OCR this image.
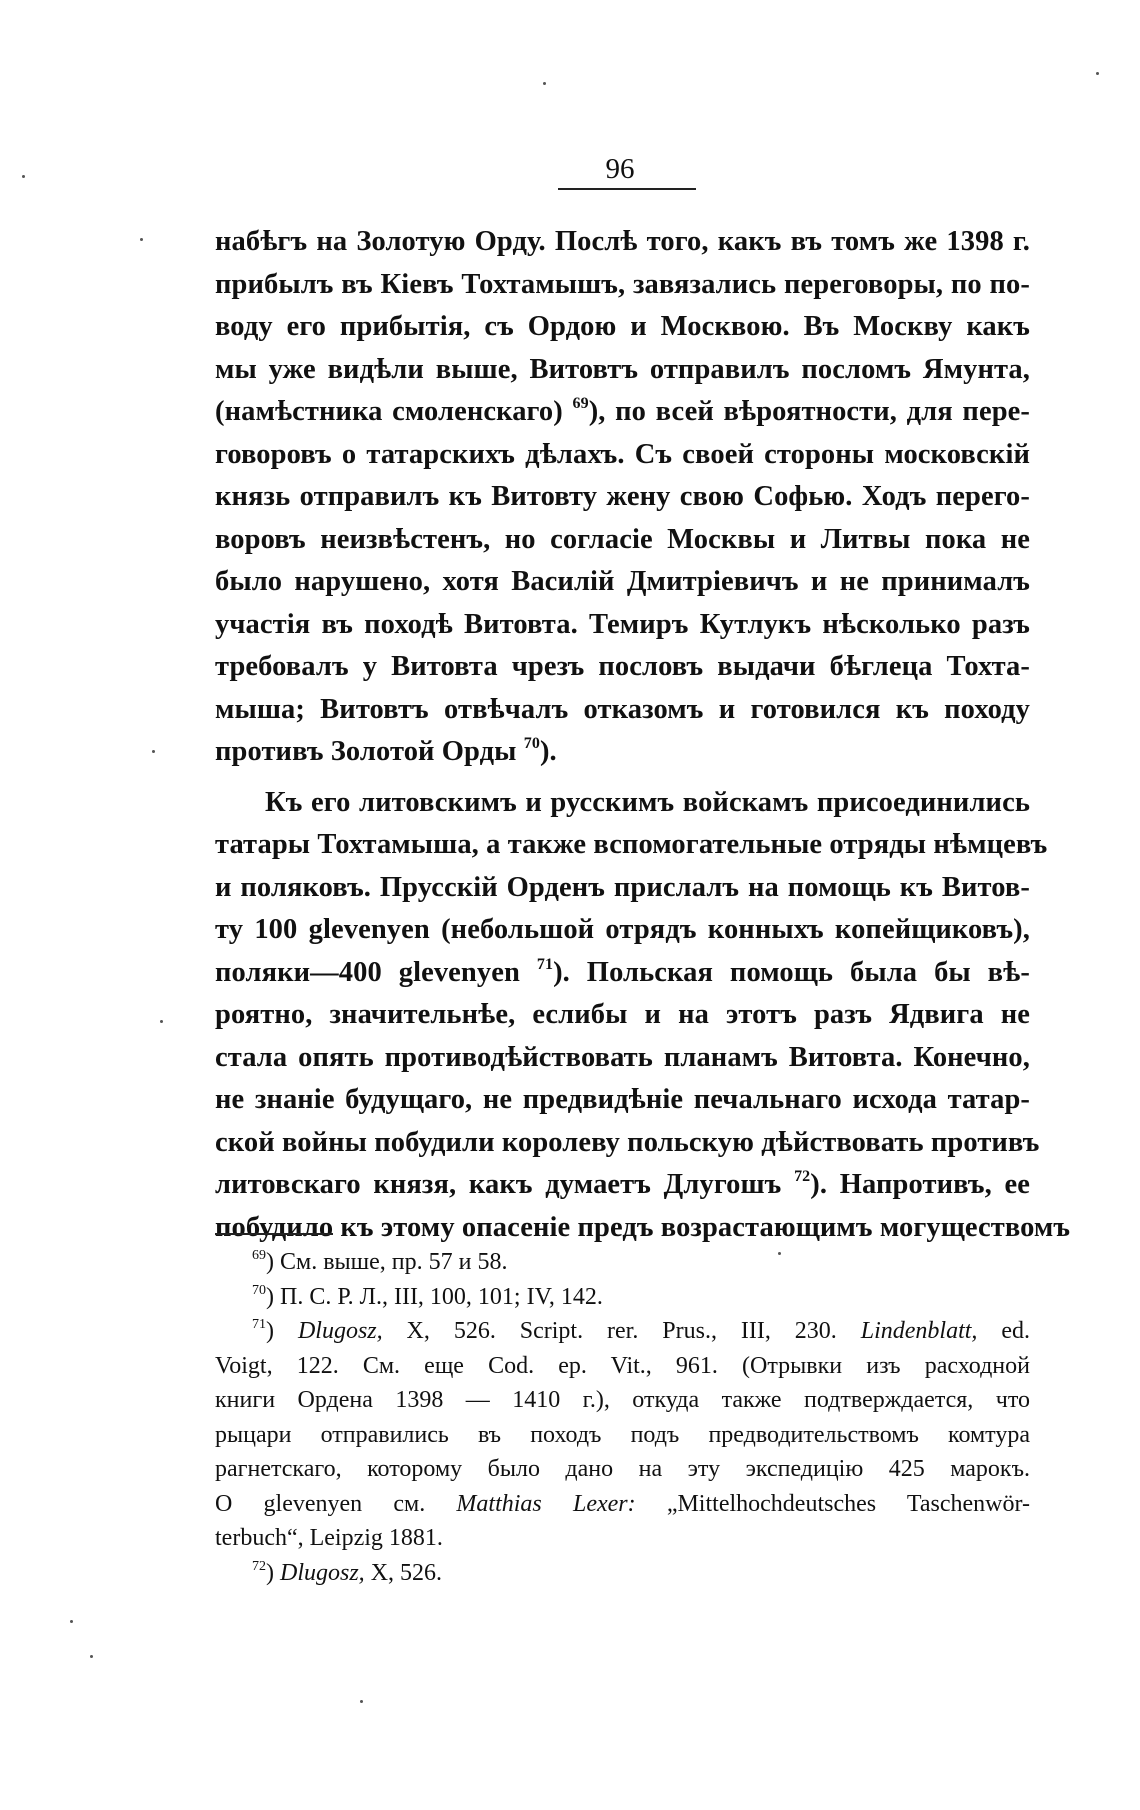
96
набѣгъ на Золотую Орду. Послѣ того, какъ въ томъ же 1398 г.
прибылъ въ Кіевъ Тохтамышъ, завязались переговоры, по по-
воду его прибытія, съ Ордою и Москвою. Въ Москву какъ
мы уже видѣли выше, Витовтъ отправилъ посломъ Ямунта,
(намѣстника смоленскаго) $^{69}$), по всей вѣроятности, для пере-
говоровъ о татарскихъ дѣлахъ. Съ своей стороны московскій
князь отправилъ къ Витовту жену свою Софью. Ходъ перего-
воровъ неизвѣстенъ, но согласіе Москвы и Литвы пока не
было нарушено, хотя Василій Дмитріевичъ и не принималъ
участія въ походѣ Витовта. Темиръ Кутлукъ нѣсколько разъ
требовалъ у Витовта чрезъ пословъ выдачи бѣглеца Тохта-
мыша; Витовтъ отвѣчалъ отказомъ и готовился къ походу
противъ Золотой Орды $^{70}$).
Къ его литовскимъ и русскимъ войскамъ присоединились
татары Тохтамыша, а также вспомогательные отряды нѣмцевъ
и поляковъ. Прусскій Орденъ прислалъ на помощь къ Витов-
ту 100 glevenyen (небольшой отрядъ конныхъ копейщиковъ),
поляки—400 glevenyen $^{71}$). Польская помощь была бы вѣ-
роятно, значительнѣе, еслибы и на этотъ разъ Ядвига не
стала опять противодѣйствовать планамъ Витовта. Конечно,
не знаніе будущаго, не предвидѣніе печальнаго исхода татар-
ской войны побудили королеву польскую дѣйствовать противъ
литовскаго князя, какъ думаетъ Длугошъ $^{72}$). Напротивъ, ее
побудило къ этому опасеніе предъ возрастающимъ могуществомъ
$^{69}$) См. выше, пр. 57 и 58.
$^{70}$) П. С. Р. Л., III, 100, 101; IV, 142.
$^{71}$) Dlugosz, X, 526. Script. rer. Prus., III, 230. Lindenblatt, ed.
Voigt, 122. См. еще Cod. ep. Vit., 961. (Отрывки изъ расходной
книги Ордена 1398 — 1410 г.), откуда также подтверждается, что
рыцари отправились въ походъ подъ предводительствомъ комтура
рагнетскаго, которому было дано на эту экспедицію 425 марокъ.
O glevenyen см. Matthias Lexer: „Mittelhochdeutsches Taschenwör-
terbuch“, Leipzig 1881.
$^{72}$) Dlugosz, X, 526.
